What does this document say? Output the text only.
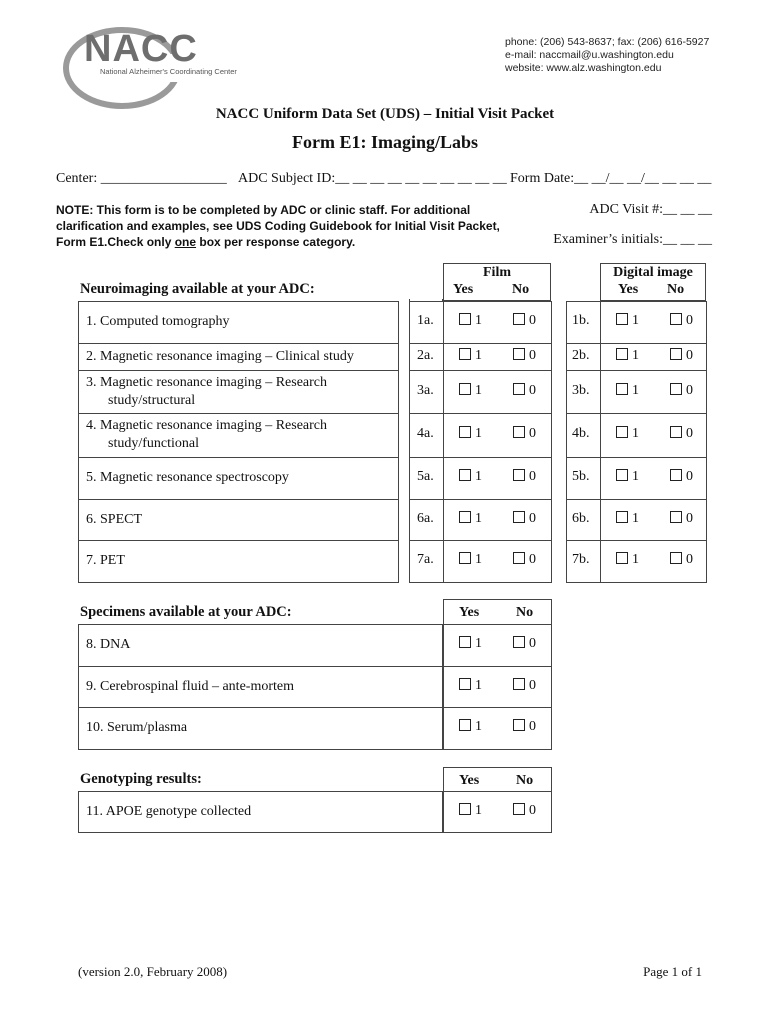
NACC
National Alzheimer's Coordinating Center
phone: (206) 543-8637; fax: (206) 616-5927
e-mail: naccmail@u.washington.edu
website: www.alz.washington.edu
NACC Uniform Data Set (UDS) – Initial Visit Packet
Form E1: Imaging/Labs
Center: __________________ ADC Subject ID:__ __ __ __ __ __ __ __ __ __ Form Date:__ __/__ __/__ __ __ __
NOTE: This form is to be completed by ADC or clinic staff. For additional clarification and examples, see UDS Coding Guidebook for Initial Visit Packet, Form E1.Check only one box per response category.
ADC Visit #:__ __ __
Examiner’s initials:__ __ __
Neuroimaging available at your ADC:
Film
Yes	No
Digital image
Yes No
1. Computed tomography	1a.	1	0	1b.	1	0
2. Magnetic resonance imaging – Clinical study	2a.	1	0	2b.	1	0
3. Magnetic resonance imaging – Research
study/structural
3a.	1	0	3b.	1	0
4. Magnetic resonance imaging – Research
study/functional
4a.	1	0	4b.	1	0
5. Magnetic resonance spectroscopy	5a.	1	0	5b.	1	0
6. SPECT	6a.	1	0	6b.	1	0
7. PET	7a.	1	0	7b.	1	0
Yes	No
8. DNA	1	0
9. Cerebrospinal fluid – ante-mortem	1	0
10. Serum/plasma	1	0
Yes	No
11. APOE genotype collected	1	0
Specimens available at your ADC:
Genotyping results:
(version 2.0, February 2008)	Page 1 of 1
